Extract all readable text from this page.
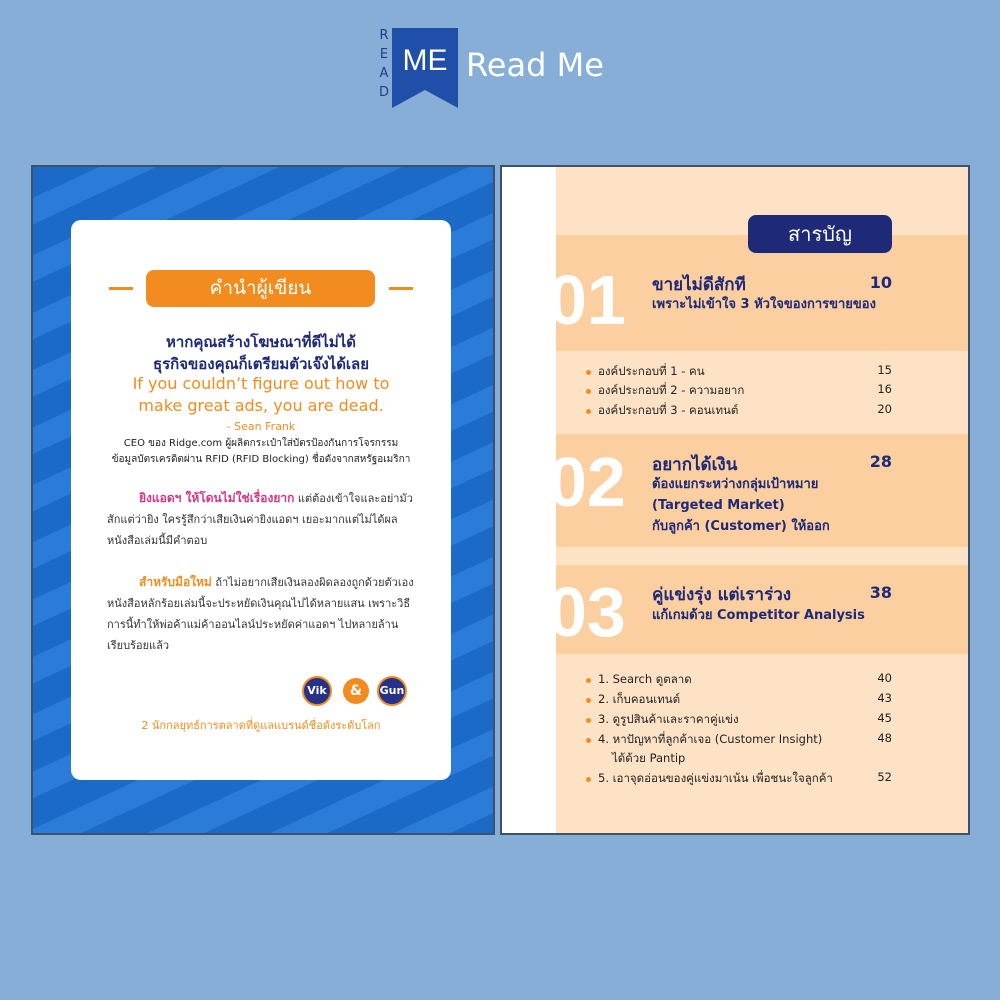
R E A D
ME Read Me
คำนำผู้เขียน
หากคุณสร้างโฆษณาที่ดีไม่ได้
ธุรกิจของคุณก็เตรียมตัวเจ๊งได้เลย
If you couldn’t figure out how to
make great ads, you are dead.
- Sean Frank
CEO ของ Ridge.com ผู้ผลิตกระเป๋าใส่บัตรป้องกันการโจรกรรม
ข้อมูลบัตรเครดิตผ่าน RFID (RFID Blocking) ชื่อดังจากสหรัฐอเมริกา
ยิงแอดฯ ให้โดนไม่ใช่เรื่องยาก แต่ต้องเข้าใจและอย่ามัวสักแต่ว่ายิง ใครรู้สึกว่าเสียเงินค่ายิงแอดฯ เยอะมากแต่ไม่ได้ผล หนังสือเล่มนี้มีคำตอบ
สำหรับมือใหม่ ถ้าไม่อยากเสียเงินลองผิดลองถูกด้วยตัวเอง หนังสือหลักร้อยเล่มนี้จะประหยัดเงินคุณไปได้หลายแสน เพราะวิธีการนี้ทำให้พ่อค้าแม่ค้าออนไลน์ประหยัดค่าแอดฯ ไปหลายล้านเรียบร้อยแล้ว
Vik	&	Gun
2 นักกลยุทธ์การตลาดที่ดูแลแบรนด์ชื่อดังระดับโลก
สารบัญ
01 ขายไม่ดีสักที	10
เพราะไม่เข้าใจ 3 หัวใจของการขายของ
องค์ประกอบที่ 1 - คน	15
องค์ประกอบที่ 2 - ความอยาก	16
องค์ประกอบที่ 3 - คอนเทนต์	20
02 อยากได้เงิน	28
ต้องแยกระหว่างกลุ่มเป้าหมาย
(Targeted Market)
กับลูกค้า (Customer) ให้ออก
03 คู่แข่งรุ่ง แต่เราร่วง	38
แก้เกมด้วย Competitor Analysis
1. Search ดูตลาด	40
2. เก็บคอนเทนต์	43
3. ดูรูปสินค้าและราคาคู่แข่ง	45
4. หาปัญหาที่ลูกค้าเจอ (Customer Insight)	48
ได้ด้วย Pantip
5. เอาจุดอ่อนของคู่แข่งมาเน้น เพื่อชนะใจลูกค้า	52
